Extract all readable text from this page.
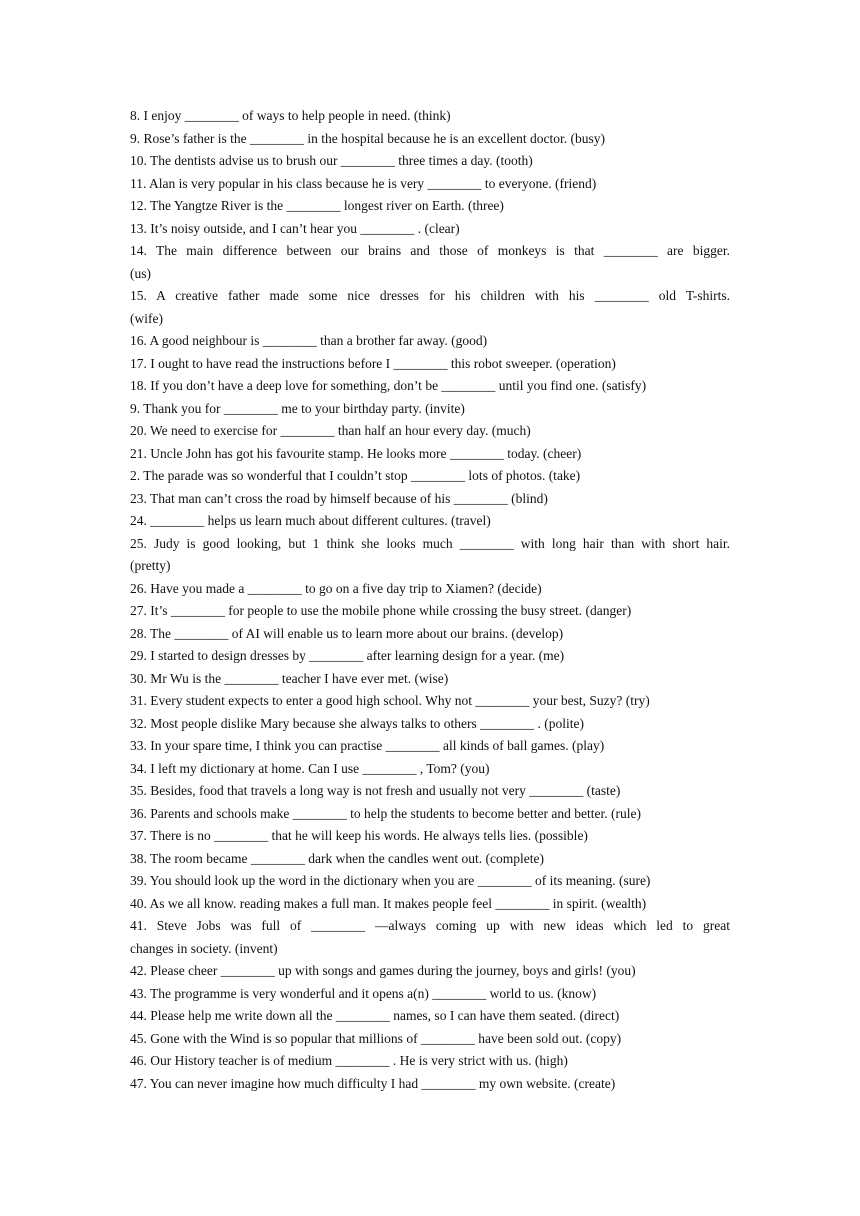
8. I enjoy ________ of ways to help people in need. (think)
9. Rose’s father is the ________ in the hospital because he is an excellent doctor. (busy)
10. The dentists advise us to brush our ________ three times a day. (tooth)
11. Alan is very popular in his class because he is very ________ to everyone. (friend)
12. The Yangtze River is the ________ longest river on Earth. (three)
13. It’s noisy outside, and I can’t hear you ________ . (clear)
14. The main difference between our brains and those of monkeys is that ________ are bigger.
(us)
15. A creative father made some nice dresses for his children with his ________ old T-shirts.
(wife)
16. A good neighbour is ________ than a brother far away. (good)
17. I ought to have read the instructions before I ________ this robot sweeper. (operation)
18. If you don’t have a deep love for something, don’t be ________ until you find one. (satisfy)
9. Thank you for ________ me to your birthday party. (invite)
20. We need to exercise for ________ than half an hour every day. (much)
21. Uncle John has got his favourite stamp. He looks more ________ today. (cheer)
2. The parade was so wonderful that I couldn’t stop ________ lots of photos. (take)
23. That man can’t cross the road by himself because of his ________ (blind)
24. ________ helps us learn much about different cultures. (travel)
25. Judy is good looking, but 1 think she looks much ________ with long hair than with short hair.
(pretty)
26. Have you made a ________ to go on a five day trip to Xiamen? (decide)
27. It’s ________ for people to use the mobile phone while crossing the busy street. (danger)
28. The ________ of AI will enable us to learn more about our brains. (develop)
29. I started to design dresses by ________ after learning design for a year. (me)
30. Mr Wu is the ________ teacher I have ever met. (wise)
31. Every student expects to enter a good high school. Why not ________ your best, Suzy? (try)
32. Most people dislike Mary because she always talks to others ________ . (polite)
33. In your spare time, I think you can practise ________ all kinds of ball games. (play)
34. I left my dictionary at home. Can I use ________ , Tom? (you)
35. Besides, food that travels a long way is not fresh and usually not very ________ (taste)
36. Parents and schools make ________ to help the students to become better and better. (rule)
37. There is no ________ that he will keep his words. He always tells lies. (possible)
38. The room became ________ dark when the candles went out. (complete)
39. You should look up the word in the dictionary when you are ________ of its meaning. (sure)
40. As we all know. reading makes a full man. It makes people feel ________ in spirit. (wealth)
41. Steve Jobs was full of ________ —always coming up with new ideas which led to great
changes in society. (invent)
42. Please cheer ________ up with songs and games during the journey, boys and girls! (you)
43. The programme is very wonderful and it opens a(n) ________ world to us. (know)
44. Please help me write down all the ________ names, so I can have them seated. (direct)
45. Gone with the Wind is so popular that millions of ________ have been sold out. (copy)
46. Our History teacher is of medium ________ . He is very strict with us. (high)
47. You can never imagine how much difficulty I had ________ my own website. (create)
